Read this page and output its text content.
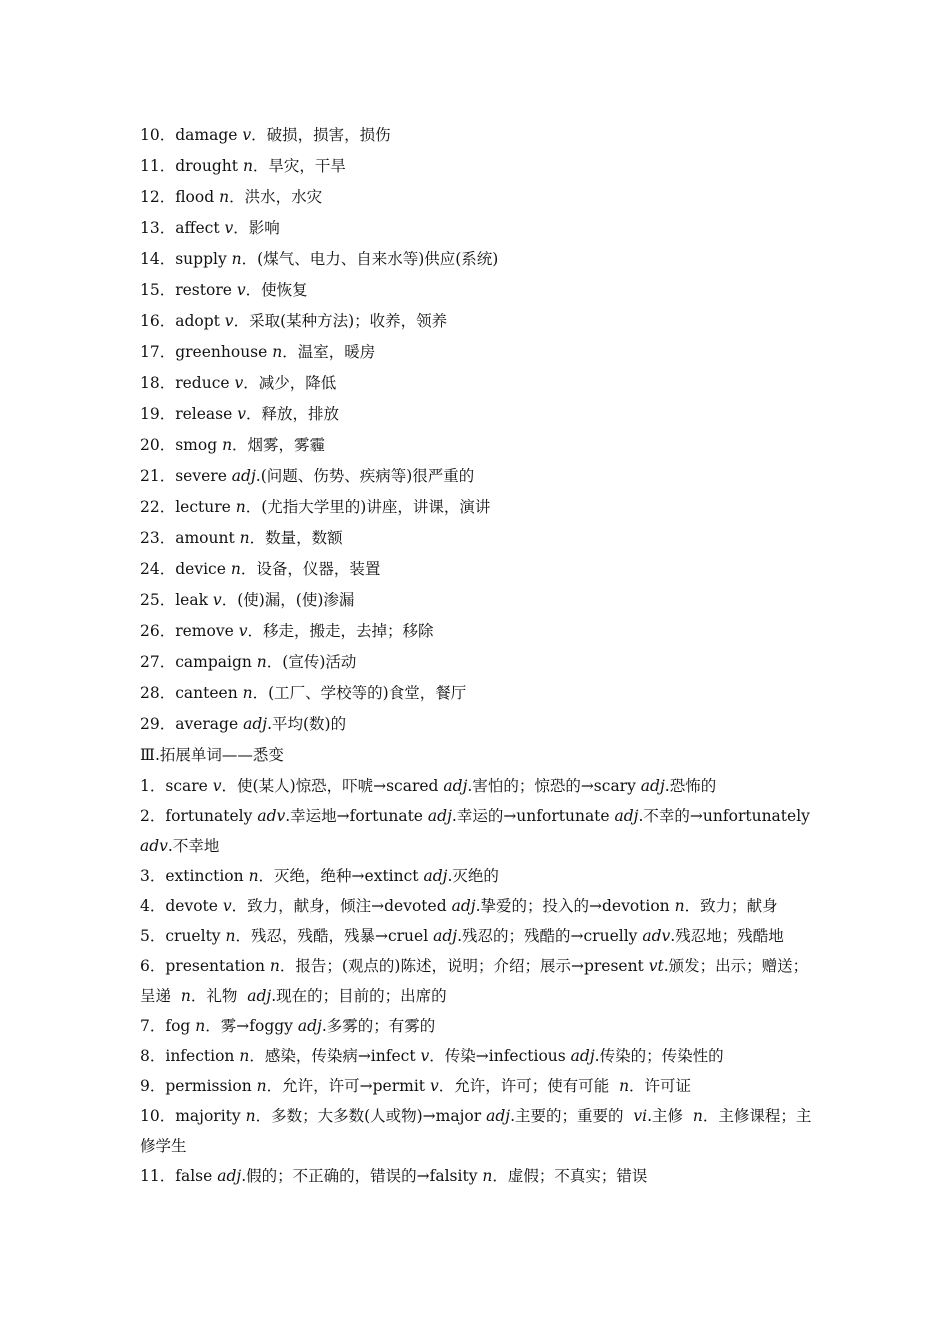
10．damage v．破损，损害，损伤
11．drought n．旱灾，干旱
12．flood n．洪水，水灾
13．affect v．影响
14．supply n．(煤气、电力、自来水等)供应(系统)
15．restore v．使恢复
16．adopt v．采取(某种方法)；收养，领养
17．greenhouse n．温室，暖房
18．reduce v．减少，降低
19．release v．释放，排放
20．smog n．烟雾，雾霾
21．severe adj.(问题、伤势、疾病等)很严重的
22．lecture n．(尤指大学里的)讲座，讲课，演讲
23．amount n．数量，数额
24．device n．设备，仪器，装置
25．leak v．(使)漏，(使)渗漏
26．remove v．移走，搬走，去掉；移除
27．campaign n．(宣传)活动
28．canteen n．(工厂、学校等的)食堂，餐厅
29．average adj.平均(数)的
Ⅲ.拓展单词——悉变
1．scare v．使(某人)惊恐，吓唬→scared adj.害怕的；惊恐的→scary adj.恐怖的
2．fortunately adv.幸运地→fortunate adj.幸运的→unfortunate adj.不幸的→unfortunately adv.不幸地
3．extinction n．灭绝，绝种→extinct adj.灭绝的
4．devote v．致力，献身，倾注→devoted adj.挚爱的；投入的→devotion n．致力；献身
5．cruelty n．残忍，残酷，残暴→cruel adj.残忍的；残酷的→cruelly adv.残忍地；残酷地
6．presentation n．报告；(观点的)陈述，说明；介绍；展示→present vt.颁发；出示；赠送；呈递  n．礼物  adj.现在的；目前的；出席的
7．fog n．雾→foggy adj.多雾的；有雾的
8．infection n．感染，传染病→infect v．传染→infectious adj.传染的；传染性的
9．permission n．允许，许可→permit v．允许，许可；使有可能  n．许可证
10．majority n．多数；大多数(人或物)→major adj.主要的；重要的  vi.主修  n．主修课程；主修学生
11．false adj.假的；不正确的，错误的→falsity n．虚假；不真实；错误
